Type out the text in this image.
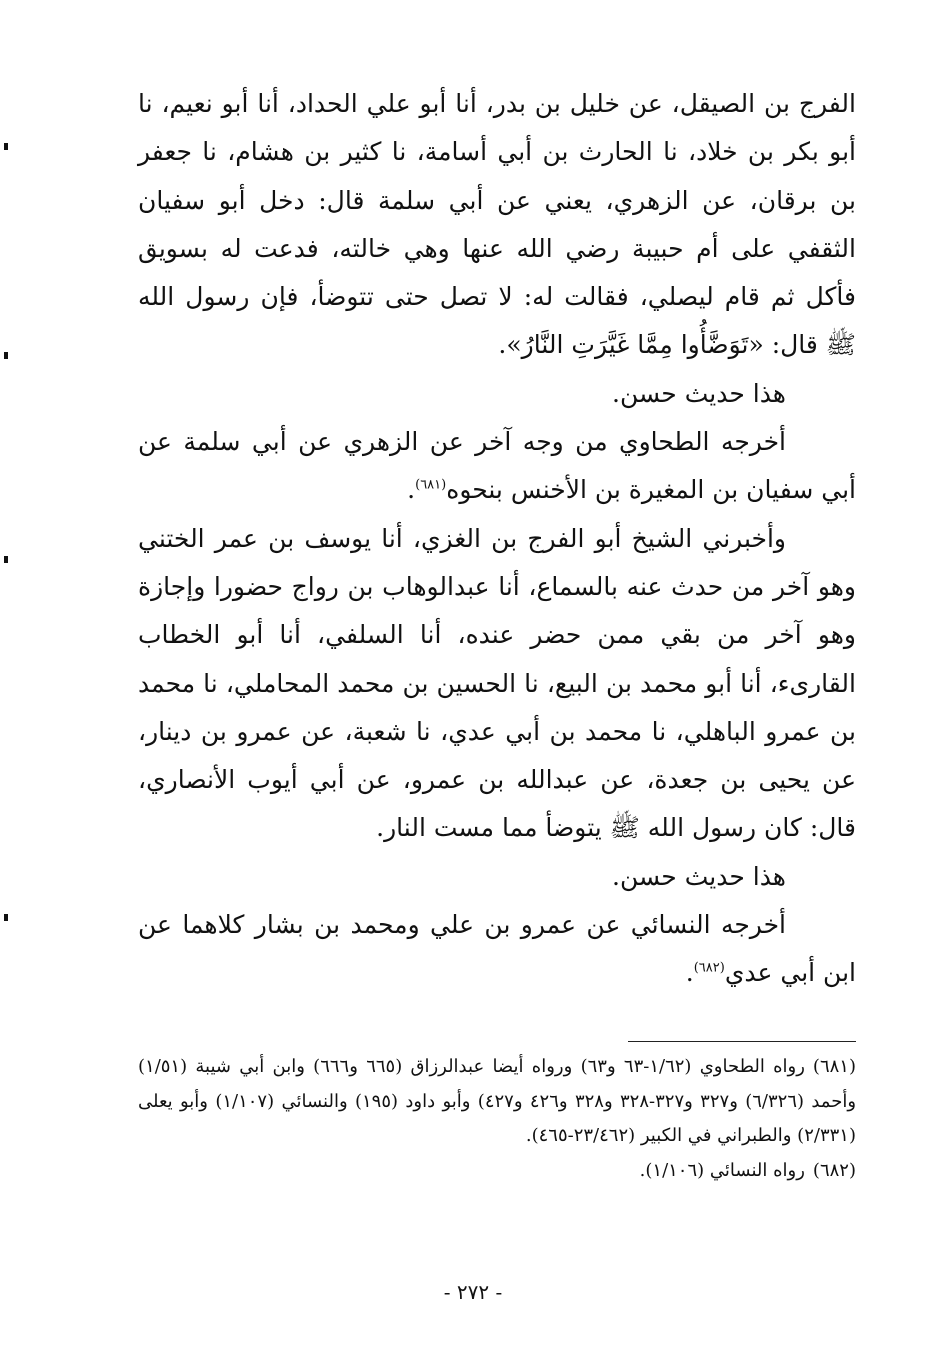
الفرج بن الصيقل، عن خليل بن بدر، أنا أبو علي الحداد، أنا أبو نعيم، نا أبو بكر بن خلاد، نا الحارث بن أبي أسامة، نا كثير بن هشام، نا جعفر بن برقان، عن الزهري، يعني عن أبي سلمة قال: دخل أبو سفيان الثقفي على أم حبيبة رضي الله عنها وهي خالته، فدعت له بسويق فأكل ثم قام ليصلي، فقالت له: لا تصل حتى تتوضأ، فإن رسول الله ﷺ قال: «تَوَضَّأُوا مِمَّا غَيَّرَتِ النَّارُ».

هذا حديث حسن.

أخرجه الطحاوي من وجه آخر عن الزهري عن أبي سلمة عن أبي سفيان بن المغيرة بن الأخنس بنحوه$^{(٦٨١)}$.

وأخبرني الشيخ أبو الفرج بن الغزي، أنا يوسف بن عمر الختني وهو آخر من حدث عنه بالسماع، أنا عبدالوهاب بن رواج حضورا وإجازة وهو آخر من بقي ممن حضر عنده، أنا السلفي، أنا أبو الخطاب القارىء، أنا أبو محمد بن البيع، نا الحسين بن محمد المحاملي، نا محمد بن عمرو الباهلي، نا محمد بن أبي عدي، نا شعبة، عن عمرو بن دينار، عن يحيى بن جعدة، عن عبدالله بن عمرو، عن أبي أيوب الأنصاري، قال: كان رسول الله ﷺ يتوضأ مما مست النار.

هذا حديث حسن.

أخرجه النسائي عن عمرو بن علي ومحمد بن بشار كلاهما عن ابن أبي عدي$^{(٦٨٢)}$.

(٦٨١)رواه الطحاوي (١/٦٢-٦٣ و٦٣) ورواه أيضا عبدالرزاق (٦٦٥ و٦٦٦) وابن أبي شيبة (١/٥١) وأحمد (٦/٣٢٦) و٣٢٧ و٣٢٧-٣٢٨ و٣٢٨ و٤٢٦ و٤٢٧) وأبو داود (١٩٥) والنسائي (١/١٠٧) وأبو يعلى (٢/٣٣١) والطبراني في الكبير (٢٣/٤٦٢-٤٦٥).

(٦٨٢)رواه النسائي (١/١٠٦).

- ٢٧٢ -
